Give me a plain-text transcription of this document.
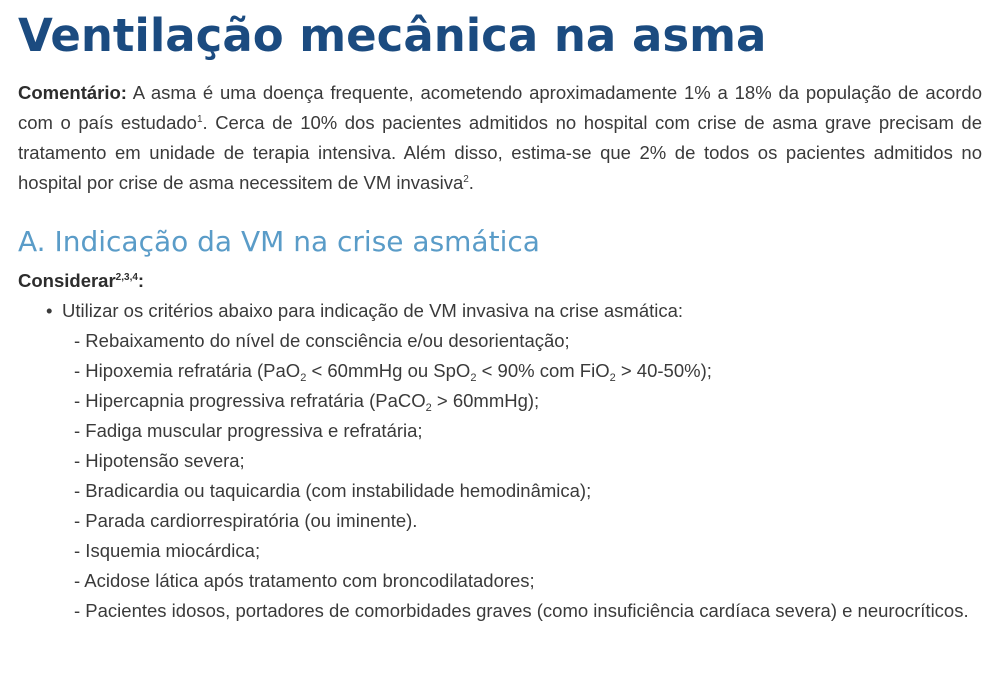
Ventilação mecânica na asma

Comentário: A asma é uma doença frequente, acometendo aproximadamente 1% a 18% da população de acordo com o país estudado$^1$. Cerca de 10% dos pacientes admitidos no hospital com crise de asma grave precisam de tratamento em unidade de terapia intensiva. Além disso, estima-se que 2% de todos os pacientes admitidos no hospital por crise de asma necessitem de VM invasiva$^2$.

A. Indicação da VM na crise asmática

Considerar$^{2,3,4}$:

• Utilizar os critérios abaixo para indicação de VM invasiva na crise asmática:

- Rebaixamento do nível de consciência e/ou desorientação;
- Hipoxemia refratária (PaO$_2$ < 60mmHg ou SpO$_2$ < 90% com FiO$_2$ > 40-50%);
- Hipercapnia progressiva refratária (PaCO$_2$ > 60mmHg);
- Fadiga muscular progressiva e refratária;
- Hipotensão severa;
- Bradicardia ou taquicardia (com instabilidade hemodinâmica);
- Parada cardiorrespiratória (ou iminente).
- Isquemia miocárdica;
- Acidose lática após tratamento com broncodilatadores;
- Pacientes idosos, portadores de comorbidades graves (como insuficiência cardíaca severa) e neurocríticos.
